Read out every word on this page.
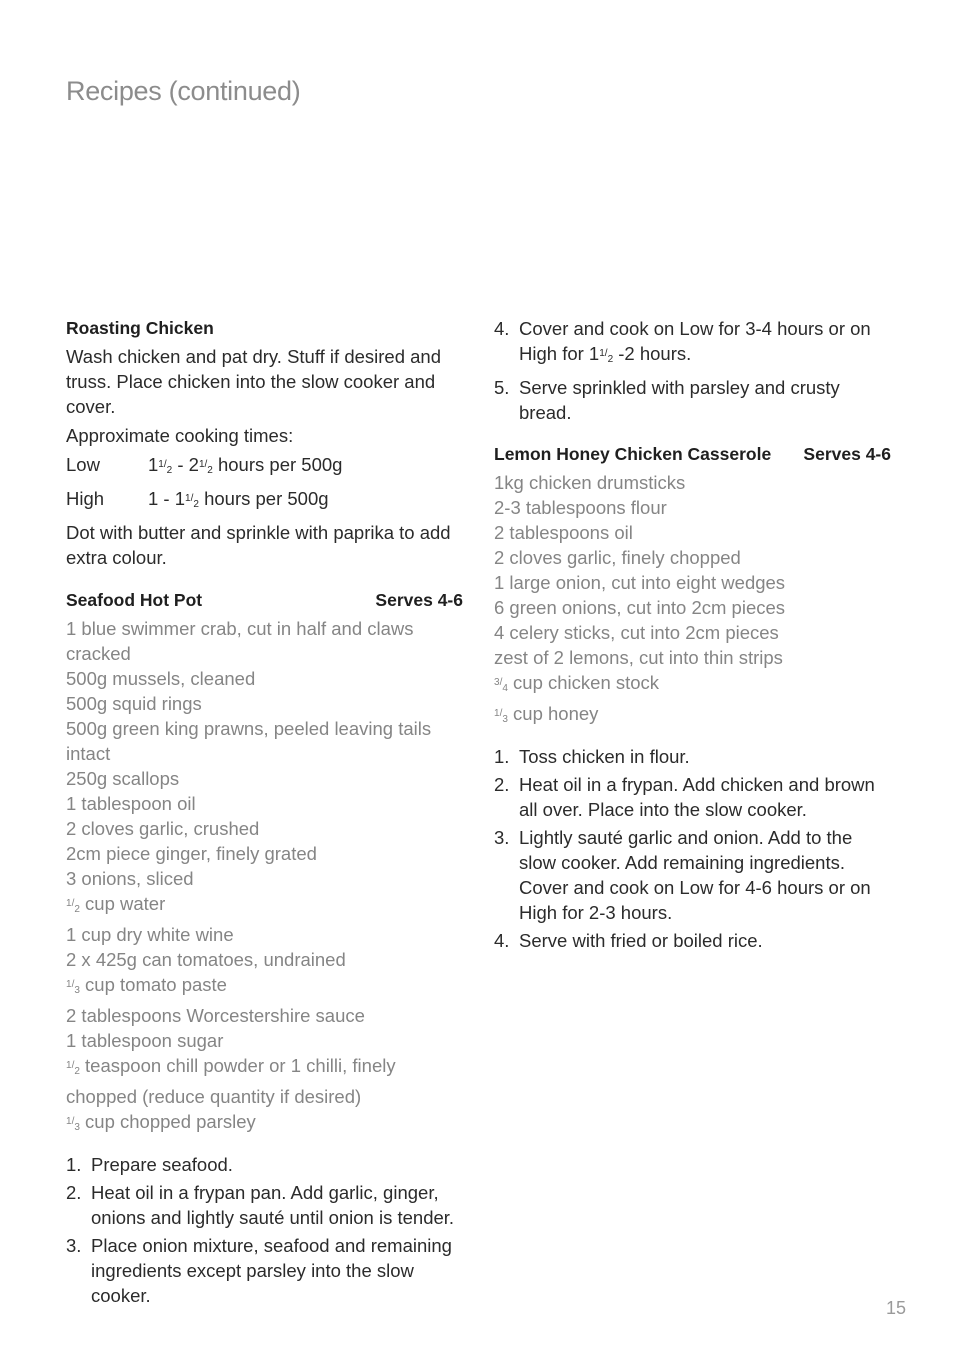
Recipes (continued)
Roasting Chicken

Wash chicken and pat dry. Stuff if desired and truss. Place chicken into the slow cooker and cover.

Approximate cooking times:

Low	$1^{1/2} - 2^{1/2}$ hours per 500g
High	$1 - 1^{1/2}$ hours per 500g

Dot with butter and sprinkle with paprika to add extra colour.

Seafood Hot Pot	Serves 4-6
1 blue swimmer crab, cut in half and claws cracked
500g mussels, cleaned
500g squid rings
500g green king prawns, peeled leaving tails intact
250g scallops
1 tablespoon oil
2 cloves garlic, crushed
2cm piece ginger, finely grated
3 onions, sliced
$^{1/2}$ cup water
1 cup dry white wine
2 x 425g can tomatoes, undrained
$^{1/3}$ cup tomato paste
2 tablespoons Worcestershire sauce
1 tablespoon sugar
$^{1/2}$ teaspoon chill powder or 1 chilli, finely chopped (reduce quantity if desired)
$^{1/3}$ cup chopped parsley
1. Prepare seafood.
2. Heat oil in a frypan pan. Add garlic, ginger, onions and lightly sauté until onion is tender.
3. Place onion mixture, seafood and remaining ingredients except parsley into the slow cooker.
4. Cover and cook on Low for 3-4 hours or on High for $1^{1/2}$ -2 hours.
5. Serve sprinkled with parsley and crusty bread.
Lemon Honey Chicken Casserole Serves 4-6
1kg chicken drumsticks
2-3 tablespoons flour
2 tablespoons oil
2 cloves garlic, finely chopped
1 large onion, cut into eight wedges
6 green onions, cut into 2cm pieces
4 celery sticks, cut into 2cm pieces
zest of 2 lemons, cut into thin strips
$^{3/4}$ cup chicken stock
$^{1/3}$ cup honey
1. Toss chicken in flour.
2. Heat oil in a frypan. Add chicken and brown all over. Place into the slow cooker.
3. Lightly sauté garlic and onion. Add to the slow cooker. Add remaining ingredients. Cover and cook on Low for 4-6 hours or on High for 2-3 hours.
4. Serve with fried or boiled rice.
15
